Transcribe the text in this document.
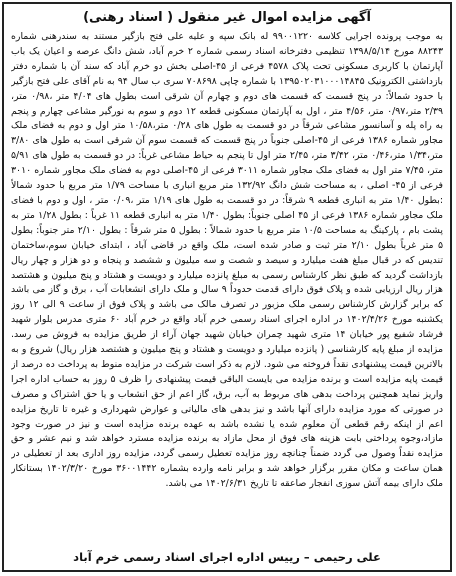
آگهی مزایده اموال غیر منقول ( اسناد رهنی)

به موجب پرونده اجرایی کلاسه ۹۹۰۰۱۲۲۰ له بانک سپه و علیه علی فتح بازگیر مستند به سندرهنی شماره ۸۸۲۴۳ مورخ ۱۳۹۸/۵/۱۴ تنظیمی دفترخانه اسناد رسمی شماره ۲ خرم آباد، شش دانگ عرصه و اعیان یک باب آپارتمان با کاربری مسکونی تحت پلاک ۴۵۷۸ فرعی از ۴۵-اصلی بخش دو خرم آباد که سند آن با شماره دفتر بازداشتی الکترونیک ۱۳۹۵۰۲۰۳۱۰۰۰۱۴۸۴۵ با شماره چاپی ۷۰۸۶۹۸ سری ب سال ۹۴ به نام آقای علی فتح بازگیر با حدود شمالاً: در پنج قسمت که قسمت های دوم و چهارم آن شرقی است بطول های ۴/۰۴ متر ،۰/۹۸ متر، ۲/۳۹ متر،۰/۹۷ متر، ۴/۵۶ متر ، اول به آپارتمان مسکونی قطعه ۱۲ دوم و سوم به نورگیر مشاعی چهارم و پنجم به راه پله و آسانسور مشاعی شرقاً در دو قسمت به طول های ۰/۲۸ متر،۱۰/۵۸ متر اول و دوم به فضای ملک مجاور شماره ۱۳۸۶ فرعی از ۴۵-اصلی جنوباً در پنج قسمت که قسمت سوم آن شرقی است به طول های ۳/۸۰ متر،۱/۳۴ متر،۰/۴۶ متر، ۳/۴۲ متر، ۲/۴۵ متر اول تا پنجم به حیاط مشاعی غرباً: در دو قسمت به طول های ۵/۹۱ متر، ۷/۴۵ متر اول به فضای ملک مجاور شماره ۳۰۱۱ فرعی از ۴۵-اصلی دوم به فضای ملک مجاور شماره ۳۰۱۰ فرعی از ۴۵- اصلی ، به مساحت شش دانگ ۱۳۲/۹۲ متر مربع انباری با مساحت ۱/۷۹ متر مربع با حدود شمالاً :بطول ۱/۴۰ متر به انباری قطعه ۹ شرقاً: در دو قسمت به طول های ۱/۱۹ متر ،۰/۰۹ متر ، اول و دوم با فضای ملک مجاور شماره ۱۳۸۶ فرعی از ۴۵ اصلی جنوباً: بطول ۱/۴۰ متر به انباری قطعه ۱۱ غرباً : بطول ۱/۲۸ متر به پشت بام ، پارکینگ به مساحت ۱۰/۵ متر مربع با حدود شمالاً : بطول ۵ متر شرقاً : بطول ۲/۱۰ متر جنوباً: بطول ۵ متر غرباً بطول ۲/۱۰ متر ثبت و صادر شده است، ملک واقع در قاضی آباد ، ابتدای خیابان سوم،ساختمان تندیس که در قبال مبلغ هفت میلیارد و سیصد و شصت و سه میلیون و ششصد و پنجاه و دو هزار و چهار ریال بازداشت گردید که طبق نظر کارشناس رسمی به مبلغ پانزده میلیارد و دویست و هشتاد و پنج میلیون و هشتصد هزار ریال ارزیابی شده و پلاک فوق دارای قدمت حدوداً ۹ سال و ملک دارای انشعابات آب ، برق و گاز می باشد که برابر گزارش کارشناس رسمی ملک مزبور در تصرف مالک می باشد و پلاک فوق از ساعت ۹ الی ۱۲ روز یکشنبه مورخ ۱۴۰۲/۴/۲۶ در اداره اجرای اسناد رسمی خرم آباد واقع در خرم آباد ۶۰ متری مدرس بلوار شهید فرشاد شفیع پور خیابان ۱۴ متری شهید چمران خیابان شهید جهان آراء از طریق مزایده به فروش می رسد. مزایده از مبلغ پایه کارشناسی ( پانزده میلیارد و دویست و هشتاد و پنج میلیون و هشتصد هزار ریال) شروع و به بالاترین قیمت پیشنهادی نقداً فروخته می شود. لازم به ذکر است شرکت در مزایده منوط به پرداخت ده درصد از قیمت پایه مزایده است و برنده مزایده می بایست الباقی قیمت پیشنهادی را ظرف ۵ روز به حساب اداره اجرا واریز نماید همچنین پرداخت بدهی های مربوط به آب، برق، گاز اعم از حق انشعاب و یا حق اشتراک و مصرف در صورتی که مورد مزایده دارای آنها باشد و نیز بدهی های مالیاتی و عوارض شهرداری و غیره تا تاریخ مزایده اعم از اینکه رقم قطعی آن معلوم شده یا نشده باشد به عهده برنده مزایده است و نیز در صورت وجود مازاد،وجوه پرداختی بابت هزینه های فوق از محل مازاد به برنده مزایده مسترد خواهد شد و نیم عشر و حق مزایده نقداً وصول می گردد ضمناً چنانچه روز مزایده تعطیل رسمی گردد، مزایده روز اداری بعد از تعطیلی در همان ساعت و مکان مقرر برگزار خواهد شد و برابر نامه وارده بشماره ۳۶۰۰۱۴۴۲ مورخ ۱۴۰۲/۳/۲۰ بستانکار ملک دارای بیمه آتش سوزی انفجار صاعقه تا تاریخ ۱۴۰۲/۶/۳۱ می باشد.

علی رحیمی – رییس اداره اجرای اسناد رسمی خرم آباد
